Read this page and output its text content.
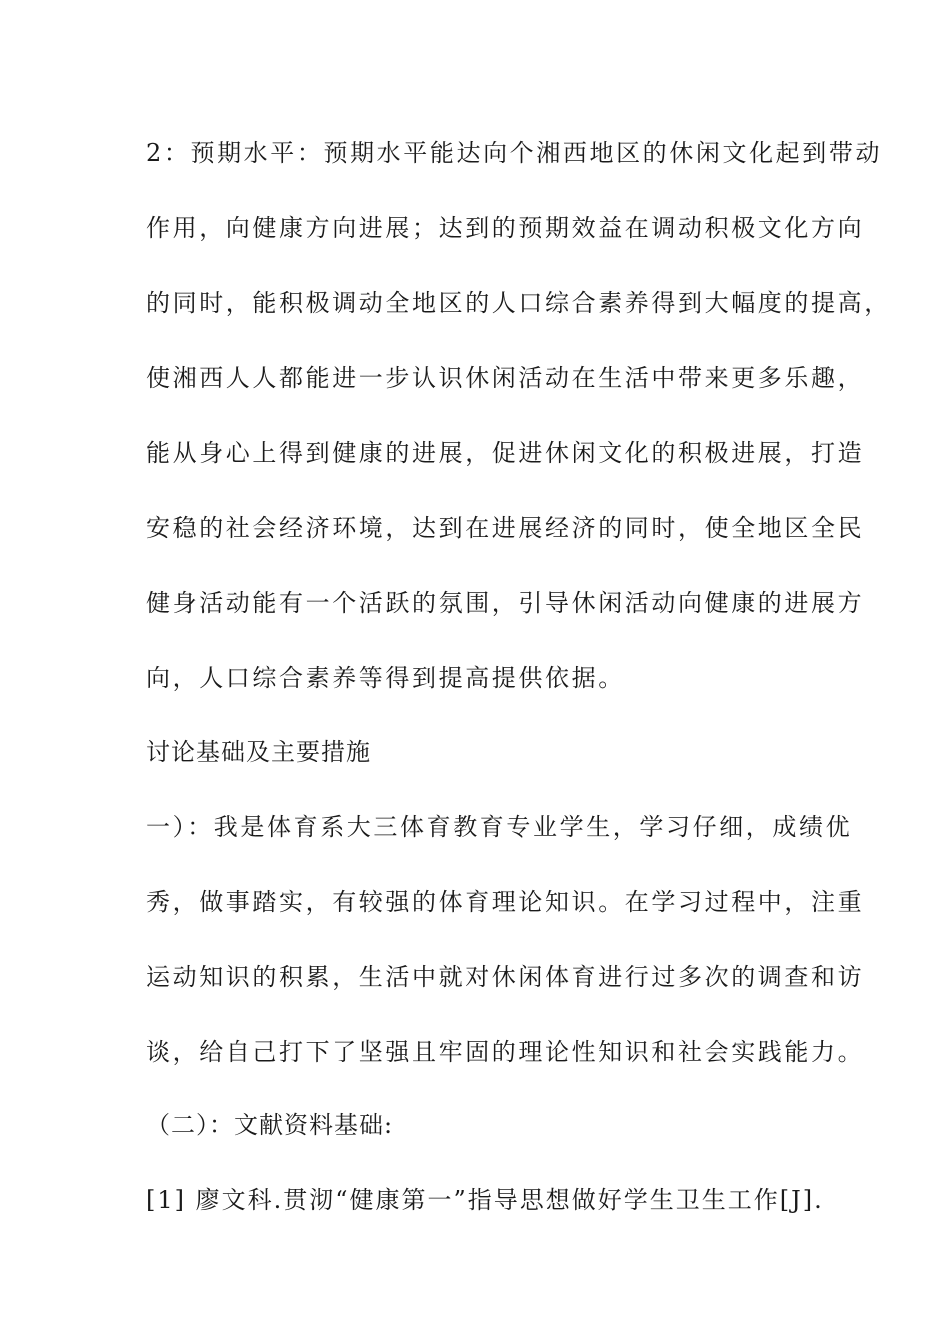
2：预期水平：预期水平能达向个湘西地区的休闲文化起到带动
作用，向健康方向进展；达到的预期效益在调动积极文化方向
的同时，能积极调动全地区的人口综合素养得到大幅度的提高，
使湘西人人都能进一步认识休闲活动在生活中带来更多乐趣，
能从身心上得到健康的进展，促进休闲文化的积极进展，打造
安稳的社会经济环境，达到在进展经济的同时，使全地区全民
健身活动能有一个活跃的氛围，引导休闲活动向健康的进展方
向，人口综合素养等得到提高提供依据。
讨论基础及主要措施
一）：我是体育系大三体育教育专业学生，学习仔细，成绩优
秀，做事踏实，有较强的体育理论知识。在学习过程中，注重
运动知识的积累，生活中就对休闲体育进行过多次的调查和访
谈，给自己打下了坚强且牢固的理论性知识和社会实践能力。
（二）：文献资料基础:
[1] 廖文科.贯沏“健康第一”指导思想做好学生卫生工作[J].
